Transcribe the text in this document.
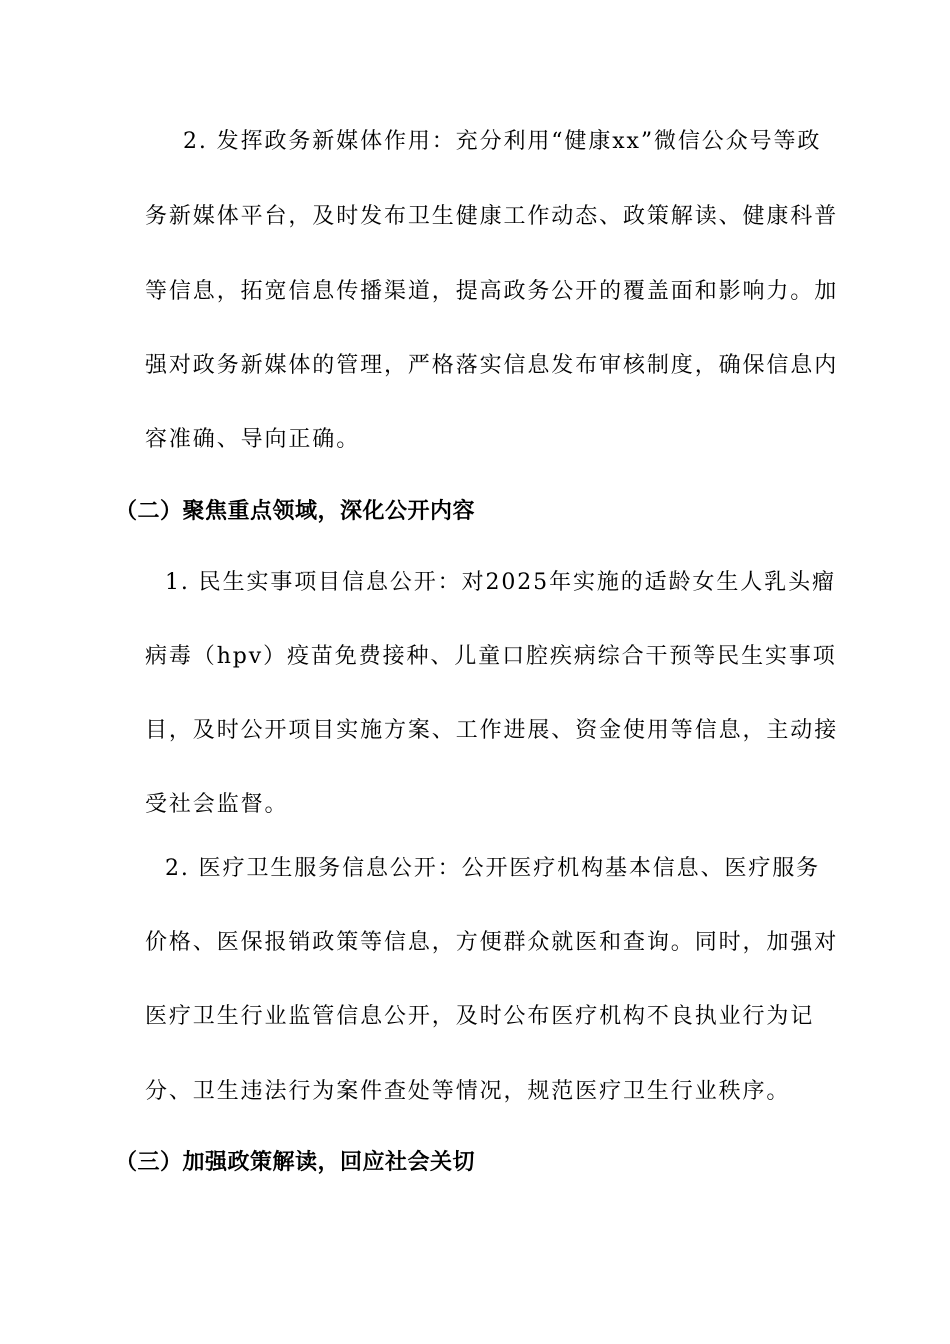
2. 发挥政务新媒体作用：充分利用“健康xx”微信公众号等政
务新媒体平台，及时发布卫生健康工作动态、政策解读、健康科普
等信息，拓宽信息传播渠道，提高政务公开的覆盖面和影响力。加
强对政务新媒体的管理，严格落实信息发布审核制度，确保信息内
容准确、导向正确。
（二）聚焦重点领域，深化公开内容
1. 民生实事项目信息公开：对2025年实施的适龄女生人乳头瘤
病毒（hpv）疫苗免费接种、儿童口腔疾病综合干预等民生实事项
目，及时公开项目实施方案、工作进展、资金使用等信息，主动接
受社会监督。
2. 医疗卫生服务信息公开：公开医疗机构基本信息、医疗服务
价格、医保报销政策等信息，方便群众就医和查询。同时，加强对
医疗卫生行业监管信息公开，及时公布医疗机构不良执业行为记
分、卫生违法行为案件查处等情况，规范医疗卫生行业秩序。
（三）加强政策解读，回应社会关切
